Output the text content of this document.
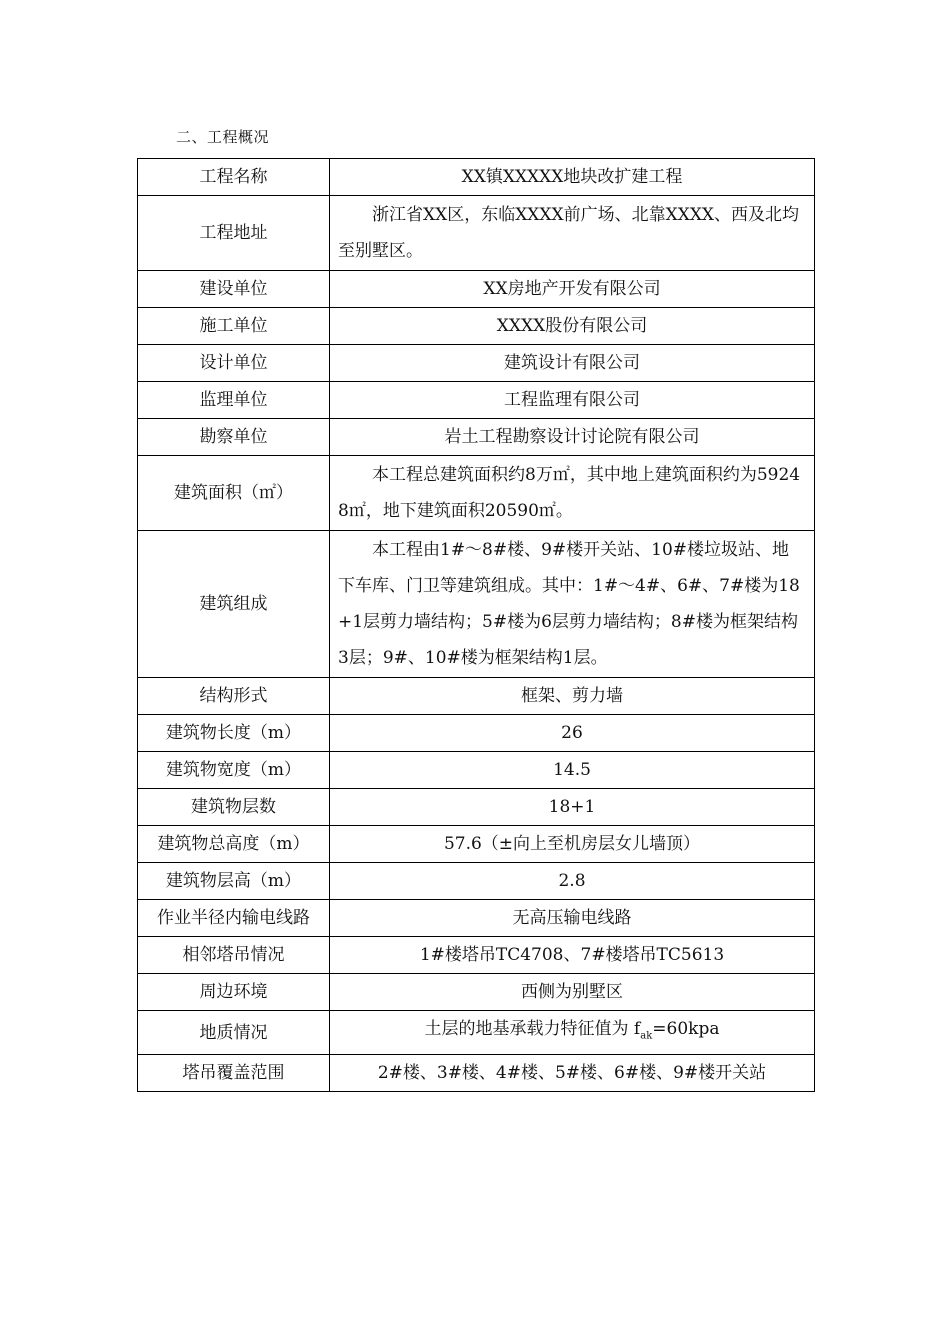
二、工程概况
工程名称	XX镇XXXXX地块改扩建工程
工程地址	浙江省XX区，东临XXXX前广场、北靠XXXX、西及北均至别墅区。
建设单位	XX房地产开发有限公司
施工单位	XXXX股份有限公司
设计单位	建筑设计有限公司
监理单位	工程监理有限公司
勘察单位	岩土工程勘察设计讨论院有限公司
建筑面积（㎡）	本工程总建筑面积约8万㎡，其中地上建筑面积约为59248㎡，地下建筑面积20590㎡。
建筑组成	本工程由1#～8#楼、9#楼开关站、10#楼垃圾站、地下车库、门卫等建筑组成。其中：1#～4#、6#、7#楼为18+1层剪力墙结构；5#楼为6层剪力墙结构；8#楼为框架结构3层；9#、10#楼为框架结构1层。
结构形式	框架、剪力墙
建筑物长度（m）	26
建筑物宽度（m）	14.5
建筑物层数	18+1
建筑物总高度（m）	57.6（±向上至机房层女儿墙顶）
建筑物层高（m）	2.8
作业半径内输电线路	无高压输电线路
相邻塔吊情况	1#楼塔吊TC4708、7#楼塔吊TC5613
周边环境	西侧为别墅区
地质情况	土层的地基承载力特征值为 $f_{ak}=60kpa$
塔吊覆盖范围	2#楼、3#楼、4#楼、5#楼、6#楼、9#楼开关站
